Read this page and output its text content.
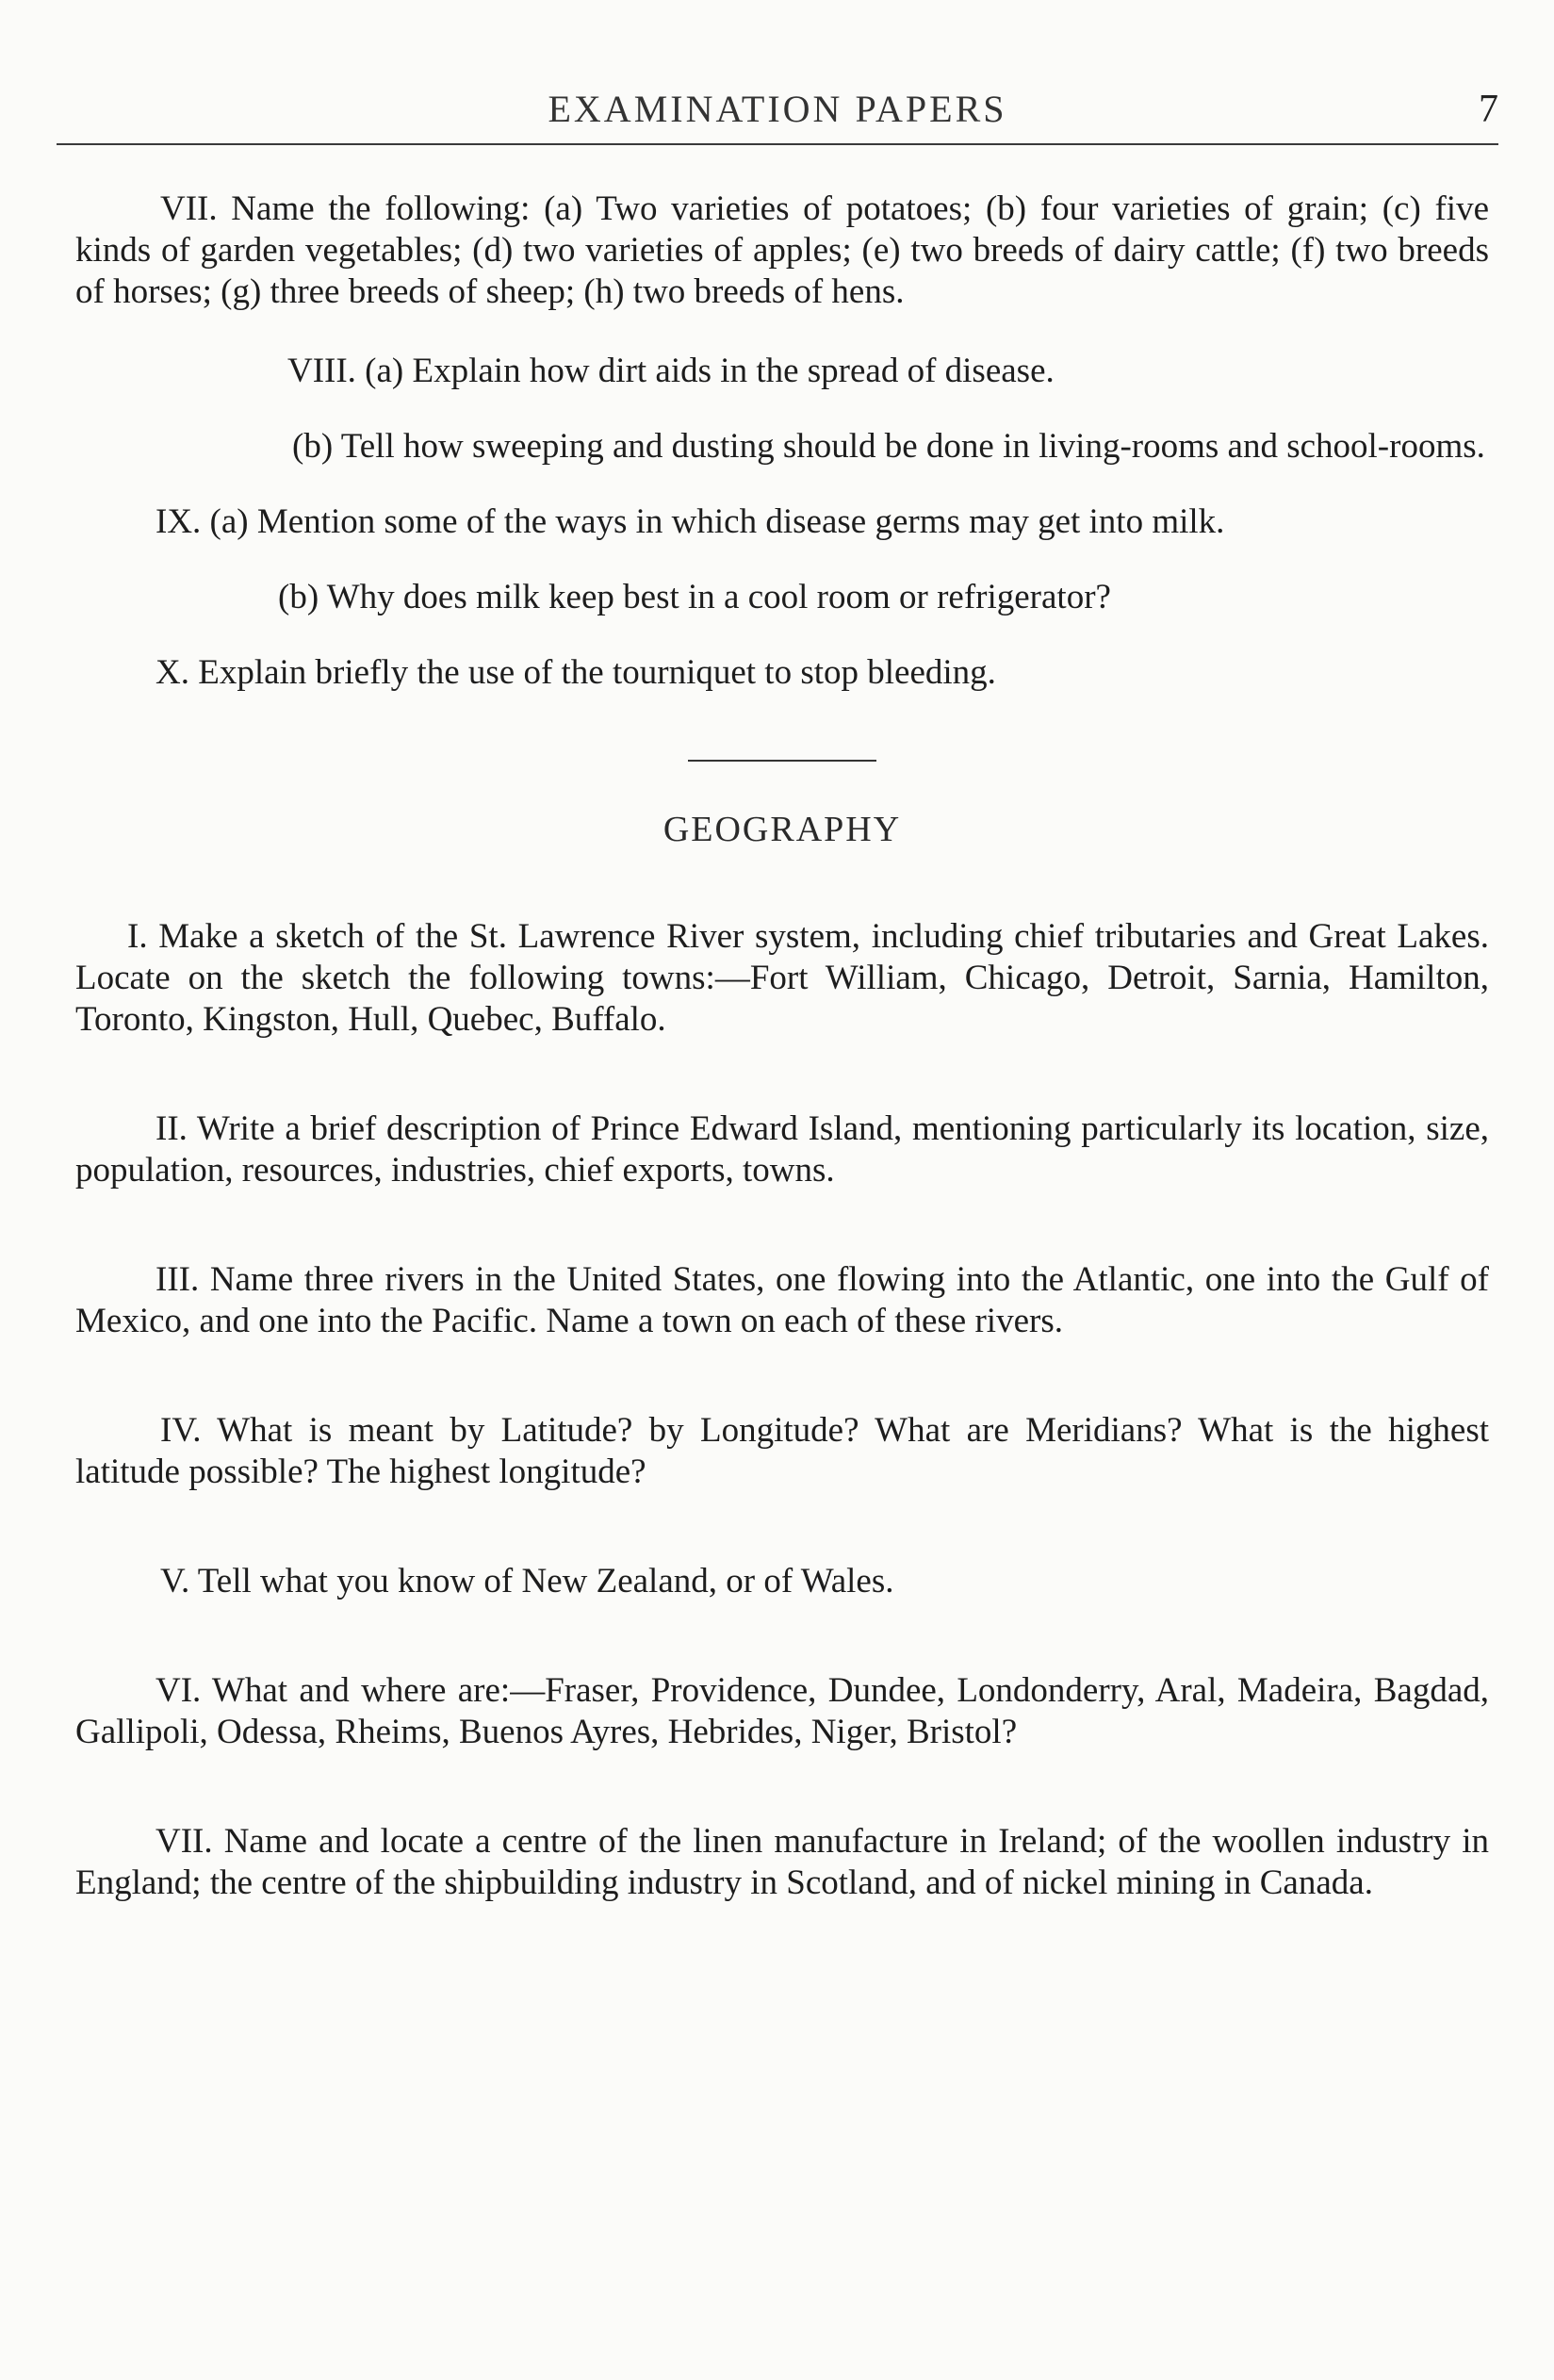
EXAMINATION PAPERS	7

VII. Name the following: (a) Two varieties of potatoes; (b) four varieties of grain; (c) five kinds of garden vegetables; (d) two varieties of apples; (e) two breeds of dairy cattle; (f) two breeds of horses; (g) three breeds of sheep; (h) two breeds of hens.

VIII. (a) Explain how dirt aids in the spread of disease.

(b) Tell how sweeping and dusting should be done in living-rooms and school-rooms.

IX. (a) Mention some of the ways in which disease germs may get into milk.

(b) Why does milk keep best in a cool room or refrigerator?

X. Explain briefly the use of the tourniquet to stop bleeding.

GEOGRAPHY

I. Make a sketch of the St. Lawrence River system, including chief tributaries and Great Lakes. Locate on the sketch the following towns:—Fort William, Chicago, Detroit, Sarnia, Hamilton, Toronto, Kingston, Hull, Quebec, Buffalo.

II. Write a brief description of Prince Edward Island, mentioning particularly its location, size, population, resources, industries, chief exports, towns.

III. Name three rivers in the United States, one flowing into the Atlantic, one into the Gulf of Mexico, and one into the Pacific. Name a town on each of these rivers.

IV. What is meant by Latitude? by Longitude? What are Meridians? What is the highest latitude possible? The highest longitude?

V. Tell what you know of New Zealand, or of Wales.

VI. What and where are:—Fraser, Providence, Dundee, Londonderry, Aral, Madeira, Bagdad, Gallipoli, Odessa, Rheims, Buenos Ayres, Hebrides, Niger, Bristol?

VII. Name and locate a centre of the linen manufacture in Ireland; of the woollen industry in England; the centre of the shipbuilding industry in Scotland, and of nickel mining in Canada.
